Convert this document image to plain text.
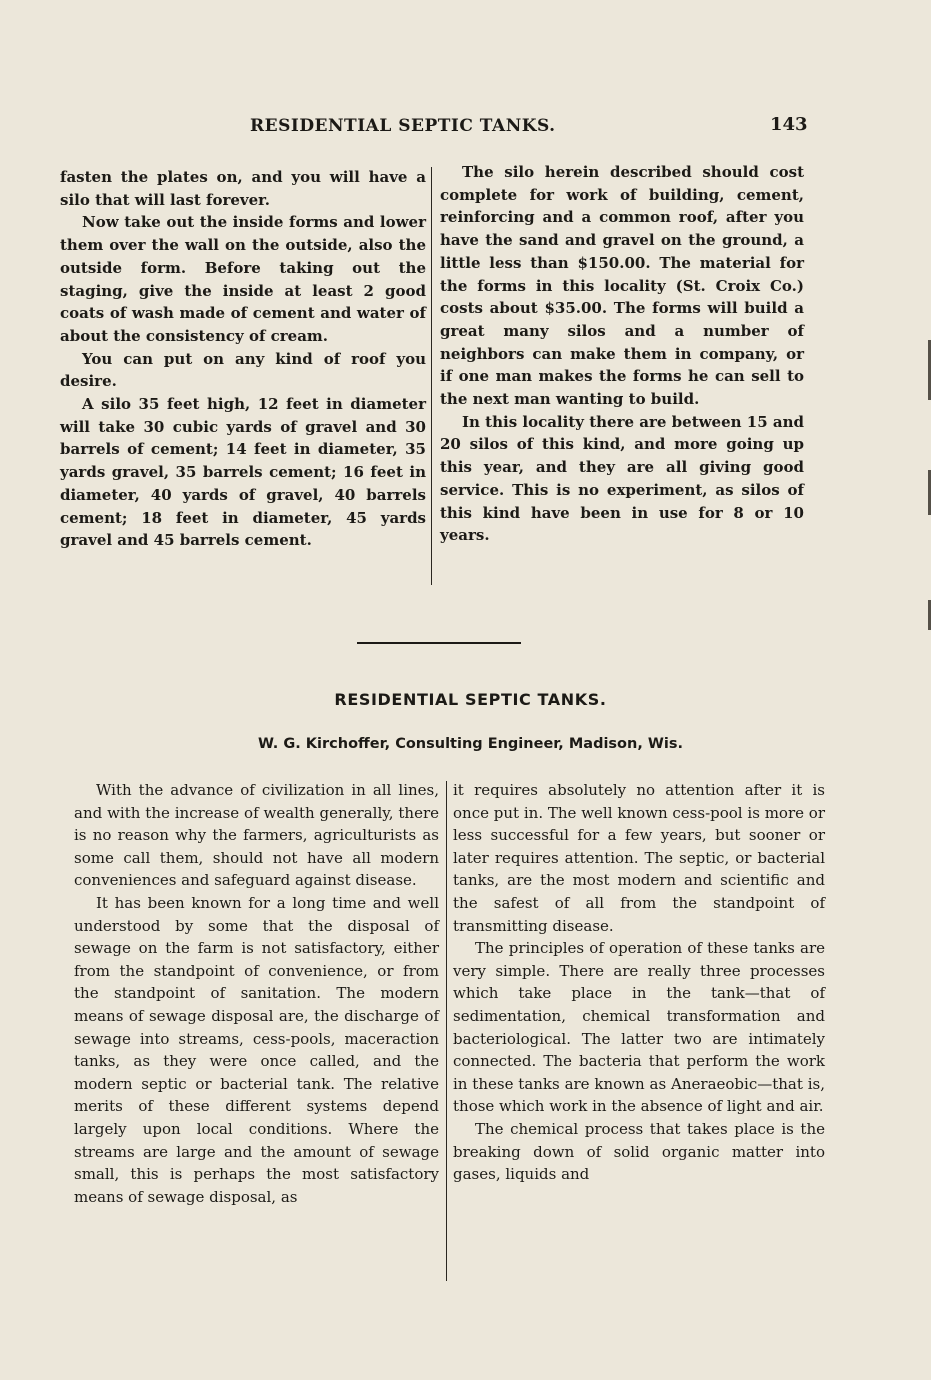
RESIDENTIAL SEPTIC TANKS.	143

fasten the plates on, and you will have a silo that will last forever.

Now take out the inside forms and lower them over the wall on the outside, also the outside form. Before taking out the staging, give the inside at least 2 good coats of wash made of cement and water of about the consistency of cream.

You can put on any kind of roof you desire.

A silo 35 feet high, 12 feet in diameter will take 30 cubic yards of gravel and 30 barrels of cement; 14 feet in diameter, 35 yards gravel, 35 barrels cement; 16 feet in diameter, 40 yards of gravel, 40 barrels cement; 18 feet in diameter, 45 yards gravel and 45 barrels cement.

The silo herein described should cost complete for work of building, cement, reinforcing and a common roof, after you have the sand and gravel on the ground, a little less than $150.00. The material for the forms in this locality (St. Croix Co.) costs about $35.00. The forms will build a great many silos and a number of neighbors can make them in company, or if one man makes the forms he can sell to the next man wanting to build.

In this locality there are between 15 and 20 silos of this kind, and more going up this year, and they are all giving good service. This is no experiment, as silos of this kind have been in use for 8 or 10 years.

RESIDENTIAL SEPTIC TANKS.
W. G. Kirchoffer, Consulting Engineer, Madison, Wis.

With the advance of civilization in all lines, and with the increase of wealth generally, there is no reason why the farmers, agriculturists as some call them, should not have all modern conveniences and safeguard against disease.

It has been known for a long time and well understood by some that the disposal of sewage on the farm is not satisfactory, either from the standpoint of convenience, or from the standpoint of sanitation. The modern means of sewage disposal are, the discharge of sewage into streams, cess-pools, maceraction tanks, as they were once called, and the modern septic or bacterial tank. The relative merits of these different systems depend largely upon local conditions. Where the streams are large and the amount of sewage small, this is perhaps the most satisfactory means of sewage disposal, as

it requires absolutely no attention after it is once put in. The well known cess-pool is more or less successful for a few years, but sooner or later requires attention. The septic, or bacterial tanks, are the most modern and scientific and the safest of all from the standpoint of transmitting disease.

The principles of operation of these tanks are very simple. There are really three processes which take place in the tank—that of sedimentation, chemical transformation and bacteriological. The latter two are intimately connected. The bacteria that perform the work in these tanks are known as Aneraeobic—that is, those which work in the absence of light and air.

The chemical process that takes place is the breaking down of solid organic matter into gases, liquids and
